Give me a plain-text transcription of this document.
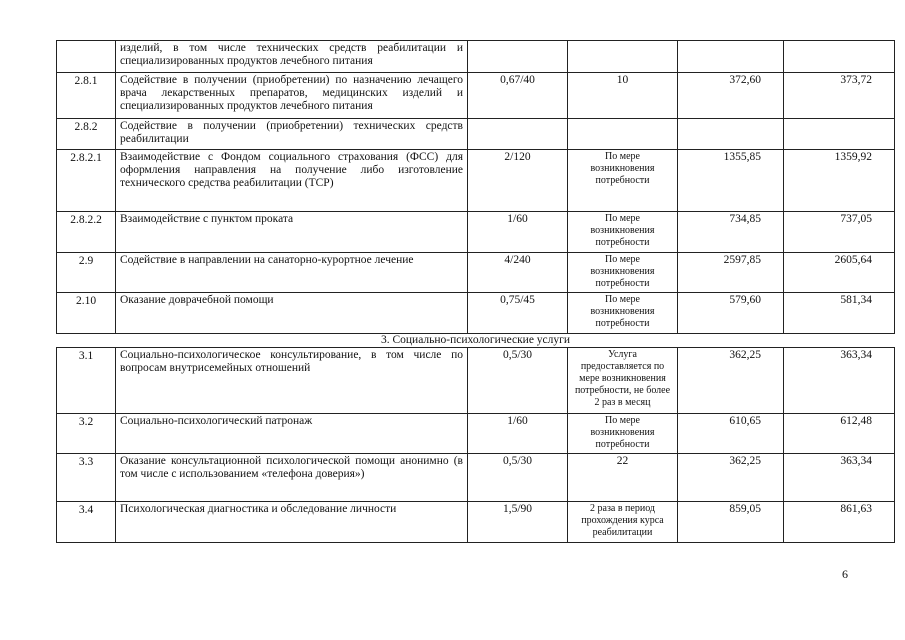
	изделий, в том числе технических средств реабилитации и специализированных продуктов лечебного питания				
2.8.1	Содействие в получении (приобретении) по назначению лечащего врача лекарственных препаратов, медицинских изделий и специализированных продуктов лечебного питания	0,67/40	10	372,60	373,72
2.8.2	Содействие в получении (приобретении) технических средств реабилитации				
2.8.2.1	Взаимодействие с Фондом социального страхования (ФСС) для оформления направления на получение либо изготовление технического средства реабилитации (ТСР)	2/120	По мере возникновения потребности	1355,85	1359,92
2.8.2.2	Взаимодействие с пунктом проката	1/60	По мере возникновения потребности	734,85	737,05
2.9	Содействие в направлении на санаторно-курортное лечение	4/240	По мере возникновения потребности	2597,85	2605,64
2.10	Оказание доврачебной помощи	0,75/45	По мере возникновения потребности	579,60	581,34
3. Социально-психологические услуги					
3.1	Социально-психологическое консультирование, в том числе по вопросам внутрисемейных отношений	0,5/30	Услуга предоставляется по мере возникновения потребности, не более 2 раз в месяц	362,25	363,34
3.2	Социально-психологический патронаж	1/60	По мере возникновения потребности	610,65	612,48
3.3	Оказание консультационной психологической помощи анонимно (в том числе с использованием «телефона доверия»)	0,5/30	22	362,25	363,34
3.4	Психологическая диагностика и обследование личности	1,5/90	2 раза в период прохождения курса реабилитации	859,05	861,63
6
